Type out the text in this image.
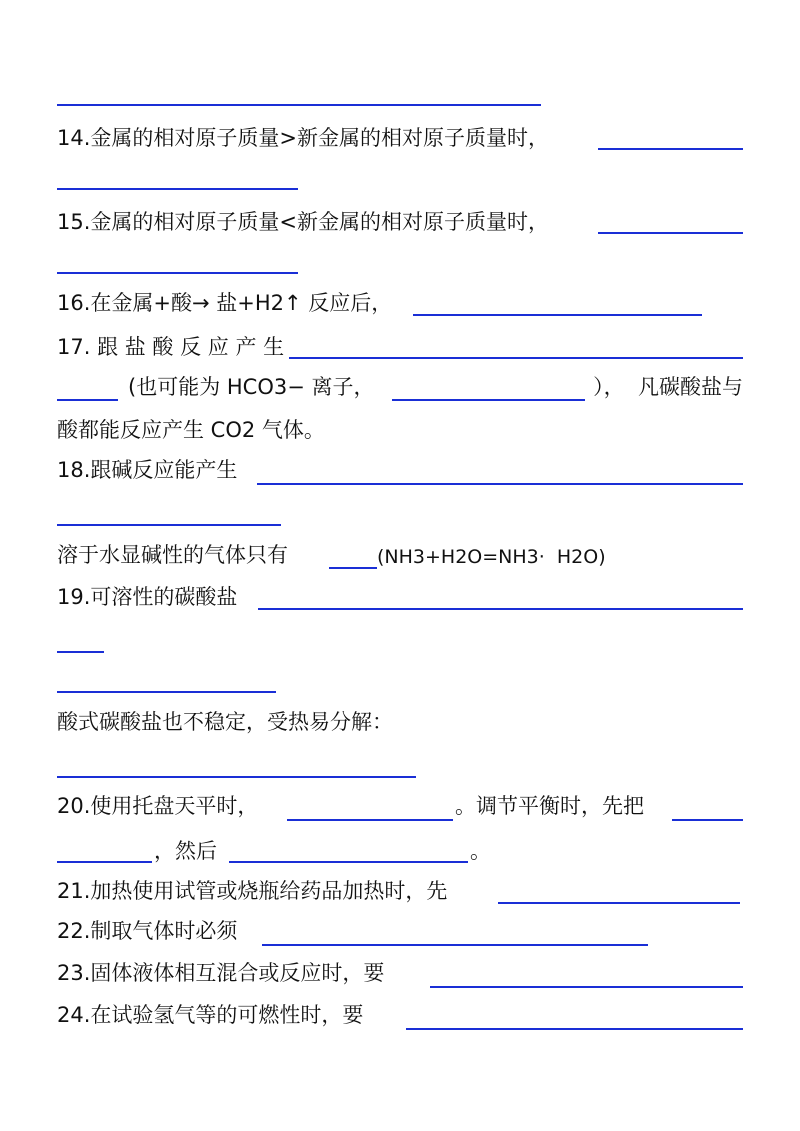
14.金属的相对原子质量>新金属的相对原子质量时，
15.金属的相对原子质量<新金属的相对原子质量时，
16.在金属+酸→ 盐+H2↑ 反应后，
17. 跟 盐 酸 反 应 产 生
(也可能为 HCO3− 离子，	），  凡碳酸盐与
酸都能反应产生 CO2 气体。
18.跟碱反应能产生
溶于水显碱性的气体只有	(NH3+H2O=NH3·  H2O)
19.可溶性的碳酸盐
酸式碳酸盐也不稳定，受热易分解：
20.使用托盘天平时，	。调节平衡时，先把
，然后	。
21.加热使用试管或烧瓶给药品加热时，先
22.制取气体时必须
23.固体液体相互混合或反应时，要
24.在试验氢气等的可燃性时，要
